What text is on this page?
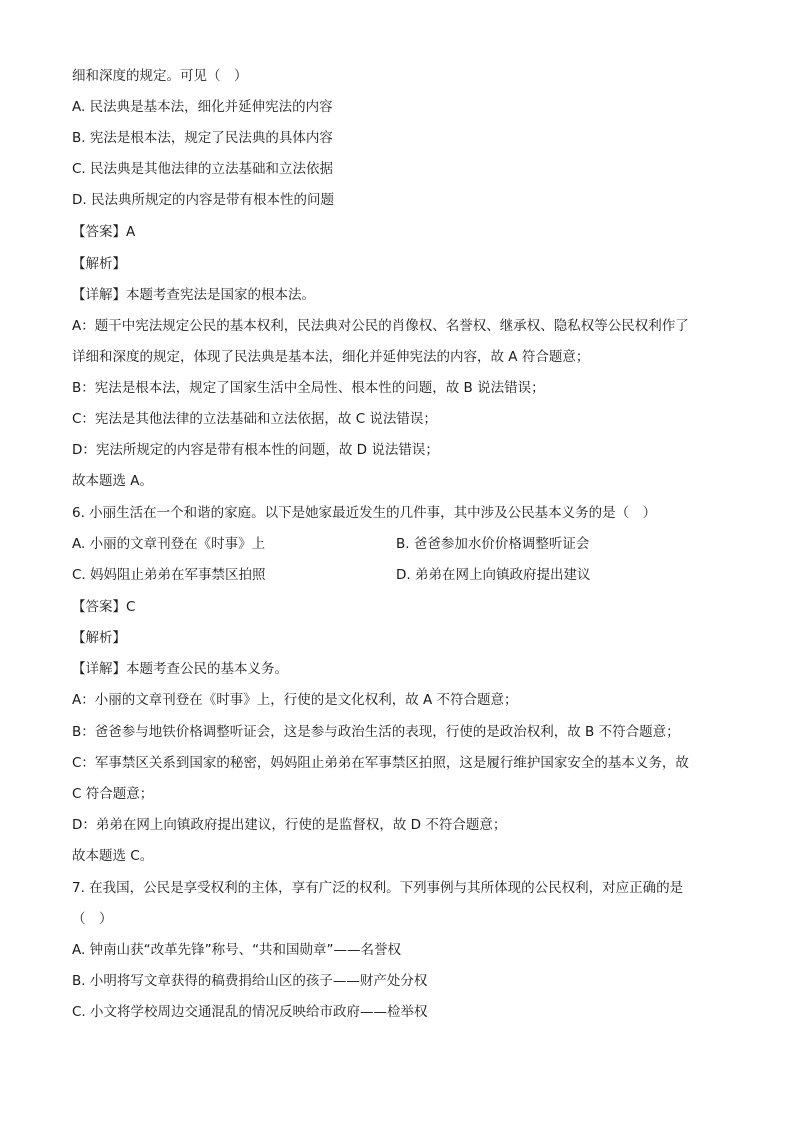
细和深度的规定。可见（　）
A. 民法典是基本法，细化并延伸宪法的内容
B. 宪法是根本法，规定了民法典的具体内容
C. 民法典是其他法律的立法基础和立法依据
D. 民法典所规定的内容是带有根本性的问题
【答案】A
【解析】
【详解】本题考查宪法是国家的根本法。
A：题干中宪法规定公民的基本权利，民法典对公民的肖像权、名誉权、继承权、隐私权等公民权利作了
详细和深度的规定，体现了民法典是基本法，细化并延伸宪法的内容，故 A 符合题意；
B：宪法是根本法，规定了国家生活中全局性、根本性的问题，故 B 说法错误；
C：宪法是其他法律的立法基础和立法依据，故 C 说法错误；
D：宪法所规定的内容是带有根本性的问题，故 D 说法错误；
故本题选 A。
6. 小丽生活在一个和谐的家庭。以下是她家最近发生的几件事，其中涉及公民基本义务的是（　）
A. 小丽的文章刊登在《时事》上	B. 爸爸参加水价价格调整听证会
C. 妈妈阻止弟弟在军事禁区拍照	D. 弟弟在网上向镇政府提出建议
【答案】C
【解析】
【详解】本题考查公民的基本义务。
A：小丽的文章刊登在《时事》上，行使的是文化权利，故 A 不符合题意；
B：爸爸参与地铁价格调整听证会，这是参与政治生活的表现，行使的是政治权利，故 B 不符合题意；
C：军事禁区关系到国家的秘密，妈妈阻止弟弟在军事禁区拍照，这是履行维护国家安全的基本义务，故
C 符合题意；
D：弟弟在网上向镇政府提出建议，行使的是监督权，故 D 不符合题意；
故本题选 C。
7. 在我国，公民是享受权利的主体，享有广泛的权利。下列事例与其所体现的公民权利，对应正确的是
（　）
A. 钟南山获“改革先锋”称号、“共和国勋章”——名誉权
B. 小明将写文章获得的稿费捐给山区的孩子——财产处分权
C. 小文将学校周边交通混乱的情况反映给市政府——检举权
